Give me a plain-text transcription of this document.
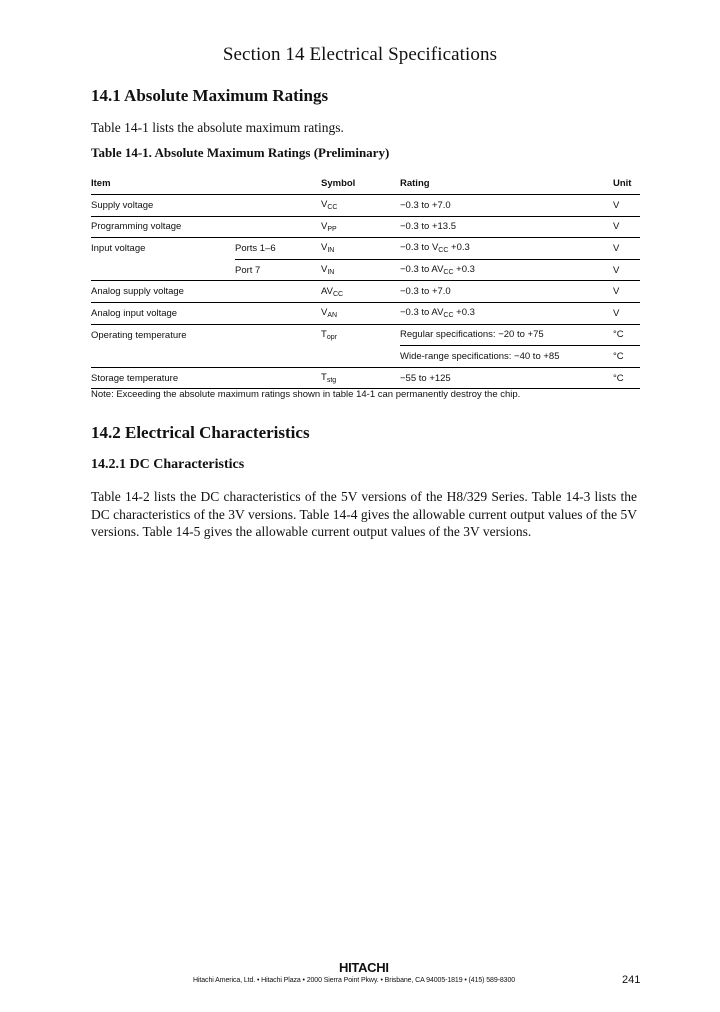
Section 14 Electrical Specifications
14.1 Absolute Maximum Ratings
Table 14-1 lists the absolute maximum ratings.
Table 14-1. Absolute Maximum Ratings (Preliminary)
Item		Symbol	Rating	Unit
Supply voltage		$V_{CC}$	−0.3 to +7.0	V
Programming voltage		$V_{PP}$	−0.3 to +13.5	V
Input voltage	Ports 1–6	$V_{IN}$	−0.3 to $V_{CC} +0.3$	V
	Port 7	$V_{IN}$	−0.3 to $AV_{CC} +0.3$	V
Analog supply voltage		$AV_{CC}$	−0.3 to +7.0	V
Analog input voltage		$V_{AN}$	−0.3 to $AV_{CC} +0.3$	V
Operating temperature		$T_{opr}$	Regular specifications: −20 to +75	°C
			Wide-range specifications: −40 to +85	°C
Storage temperature		$T_{stg}$	−55 to +125	°C
Note: Exceeding the absolute maximum ratings shown in table 14-1 can permanently destroy the chip.
14.2 Electrical Characteristics
14.2.1 DC Characteristics
Table 14-2 lists the DC characteristics of the 5V versions of the H8/329 Series. Table 14-3 lists the DC characteristics of the 3V versions. Table 14-4 gives the allowable current output values of the 5V versions. Table 14-5 gives the allowable current output values of the 3V versions.
HITACHI
Hitachi America, Ltd. • Hitachi Plaza • 2000 Sierra Point Pkwy. • Brisbane, CA 94005-1819 • (415) 589-8300	241
